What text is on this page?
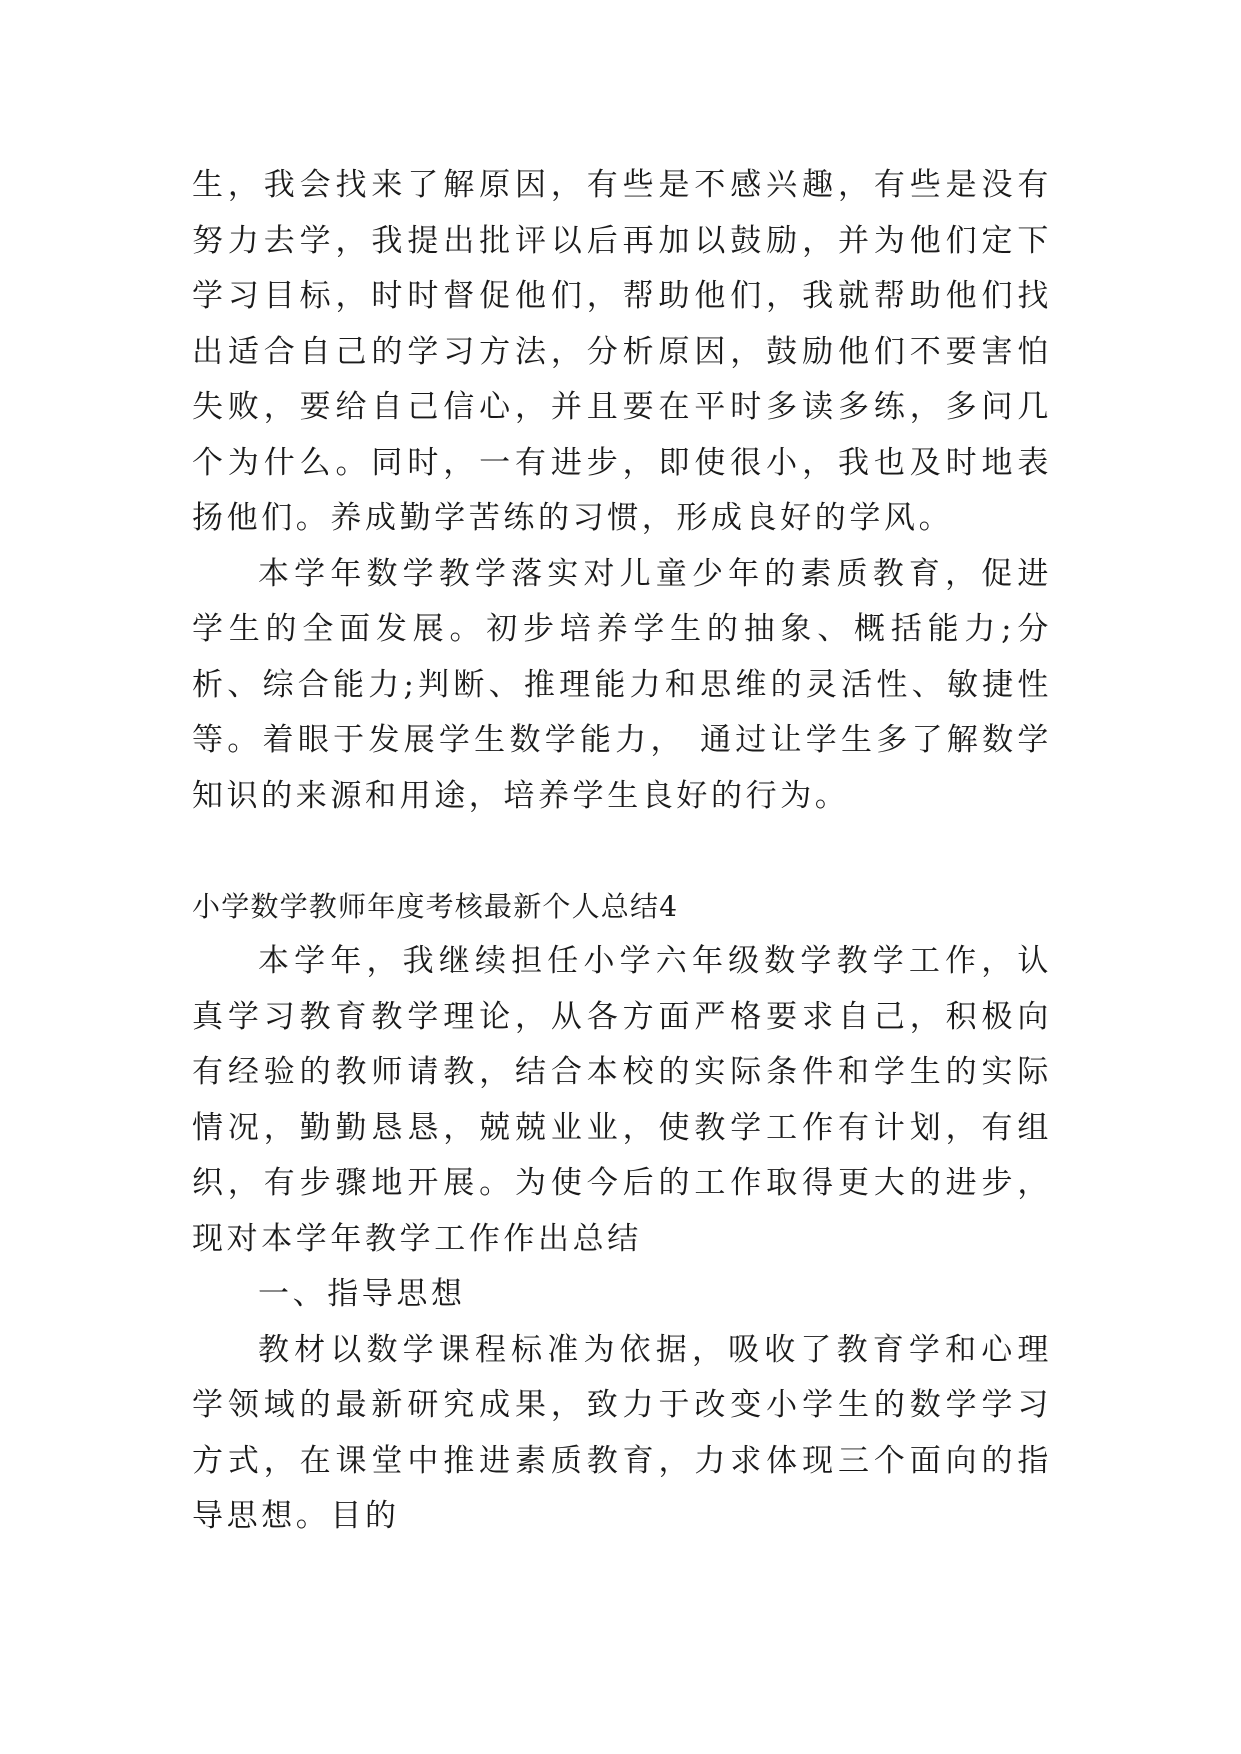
生，我会找来了解原因，有些是不感兴趣，有些是没有努力去学，我提出批评以后再加以鼓励，并为他们定下学习目标，时时督促他们，帮助他们，我就帮助他们找出适合自己的学习方法，分析原因，鼓励他们不要害怕失败，要给自己信心，并且要在平时多读多练，多问几个为什么。同时，一有进步，即使很小，我也及时地表扬他们。养成勤学苦练的习惯，形成良好的学风。

本学年数学教学落实对儿童少年的素质教育，促进学生的全面发展。初步培养学生的抽象、概括能力;分析、综合能力;判断、推理能力和思维的灵活性、敏捷性等。着眼于发展学生数学能力， 通过让学生多了解数学知识的来源和用途，培养学生良好的行为。

小学数学教师年度考核最新个人总结4

本学年，我继续担任小学六年级数学教学工作，认真学习教育教学理论，从各方面严格要求自己，积极向有经验的教师请教，结合本校的实际条件和学生的实际情况，勤勤恳恳，兢兢业业，使教学工作有计划，有组织，有步骤地开展。为使今后的工作取得更大的进步，现对本学年教学工作作出总结

一、指导思想

教材以数学课程标准为依据，吸收了教育学和心理学领域的最新研究成果，致力于改变小学生的数学学习方式，在课堂中推进素质教育，力求体现三个面向的指导思想。目的
